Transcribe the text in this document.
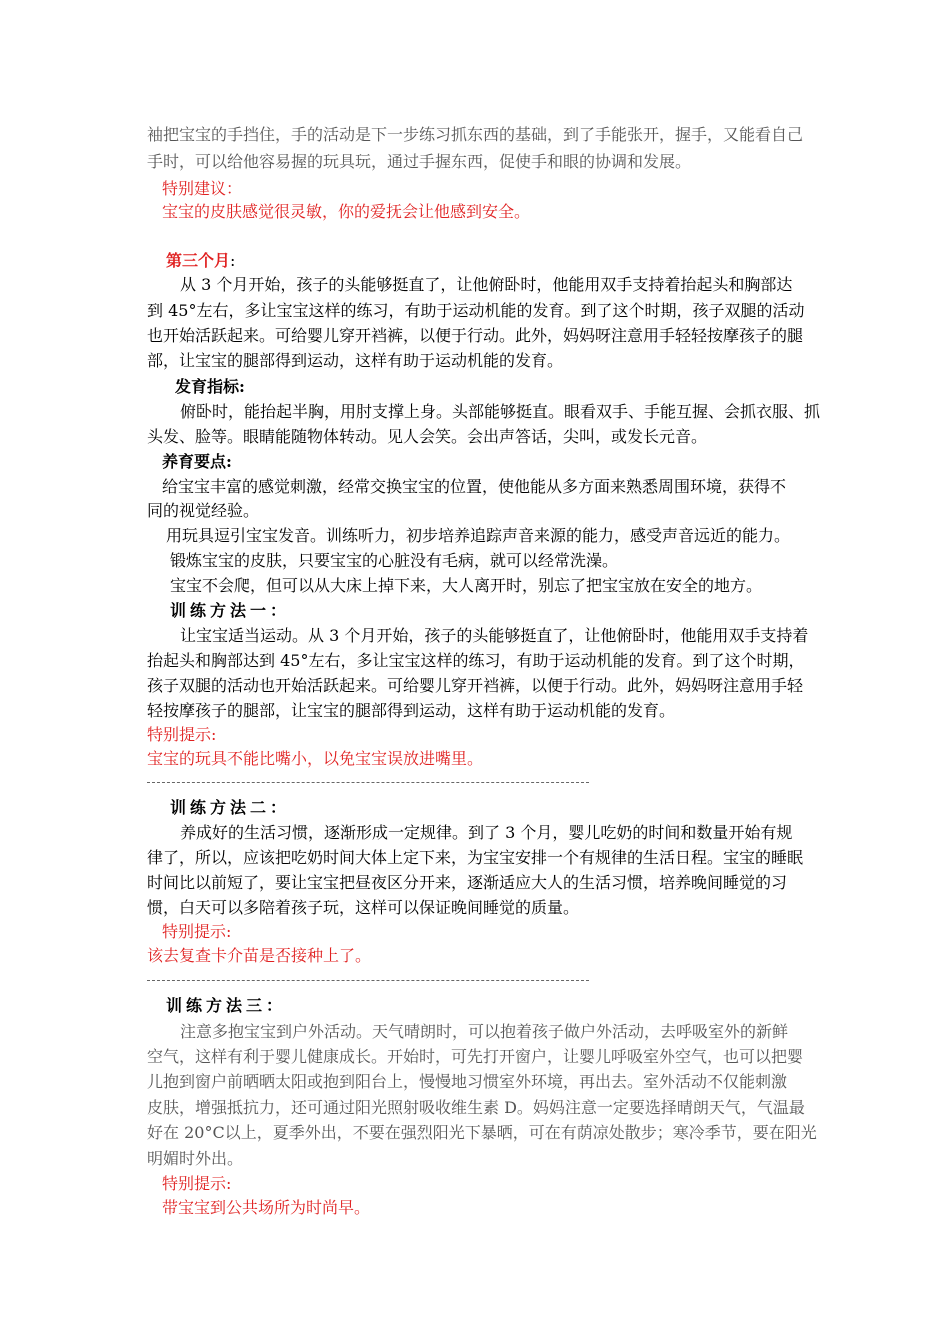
袖把宝宝的手挡住，手的活动是下一步练习抓东西的基础，到了手能张开，握手，又能看自己
手时，可以给他容易握的玩具玩，通过手握东西，促使手和眼的协调和发展。
特别建议：
宝宝的皮肤感觉很灵敏，你的爱抚会让他感到安全。
第三个月:
从 3 个月开始，孩子的头能够挺直了，让他俯卧时，他能用双手支持着抬起头和胸部达
到 45°左右，多让宝宝这样的练习，有助于运动机能的发育。到了这个时期，孩子双腿的活动
也开始活跃起来。可给婴儿穿开裆裤，以便于行动。此外，妈妈呀注意用手轻轻按摩孩子的腿
部，让宝宝的腿部得到运动，这样有助于运动机能的发育。
发育指标:
俯卧时，能抬起半胸，用肘支撑上身。头部能够挺直。眼看双手、手能互握、会抓衣服、抓
头发、脸等。眼睛能随物体转动。见人会笑。会出声答话，尖叫，或发长元音。
养育要点:
给宝宝丰富的感觉刺激，经常交换宝宝的位置，使他能从多方面来熟悉周围环境，获得不
同的视觉经验。
用玩具逗引宝宝发音。训练听力，初步培养追踪声音来源的能力，感受声音远近的能力。
锻炼宝宝的皮肤，只要宝宝的心脏没有毛病，就可以经常洗澡。
宝宝不会爬，但可以从大床上掉下来，大人离开时，别忘了把宝宝放在安全的地方。
训练方法一：
让宝宝适当运动。从 3 个月开始，孩子的头能够挺直了，让他俯卧时，他能用双手支持着
抬起头和胸部达到 45°左右，多让宝宝这样的练习，有助于运动机能的发育。到了这个时期，
孩子双腿的活动也开始活跃起来。可给婴儿穿开裆裤，以便于行动。此外，妈妈呀注意用手轻
轻按摩孩子的腿部，让宝宝的腿部得到运动，这样有助于运动机能的发育。
特别提示:
宝宝的玩具不能比嘴小，以免宝宝误放进嘴里。
训练方法二：
养成好的生活习惯，逐渐形成一定规律。到了 3 个月，婴儿吃奶的时间和数量开始有规
律了，所以，应该把吃奶时间大体上定下来，为宝宝安排一个有规律的生活日程。宝宝的睡眠
时间比以前短了，要让宝宝把昼夜区分开来，逐渐适应大人的生活习惯，培养晚间睡觉的习
惯，白天可以多陪着孩子玩，这样可以保证晚间睡觉的质量。
特别提示:
该去复查卡介苗是否接种上了。
训练方法三：
注意多抱宝宝到户外活动。天气晴朗时，可以抱着孩子做户外活动，去呼吸室外的新鲜
空气，这样有利于婴儿健康成长。开始时，可先打开窗户，让婴儿呼吸室外空气，也可以把婴
儿抱到窗户前晒晒太阳或抱到阳台上，慢慢地习惯室外环境，再出去。室外活动不仅能刺激
皮肤，增强抵抗力，还可通过阳光照射吸收维生素 D。妈妈注意一定要选择晴朗天气，气温最
好在 20°C以上，夏季外出，不要在强烈阳光下暴晒，可在有荫凉处散步；寒冷季节，要在阳光
明媚时外出。
特别提示:
带宝宝到公共场所为时尚早。
